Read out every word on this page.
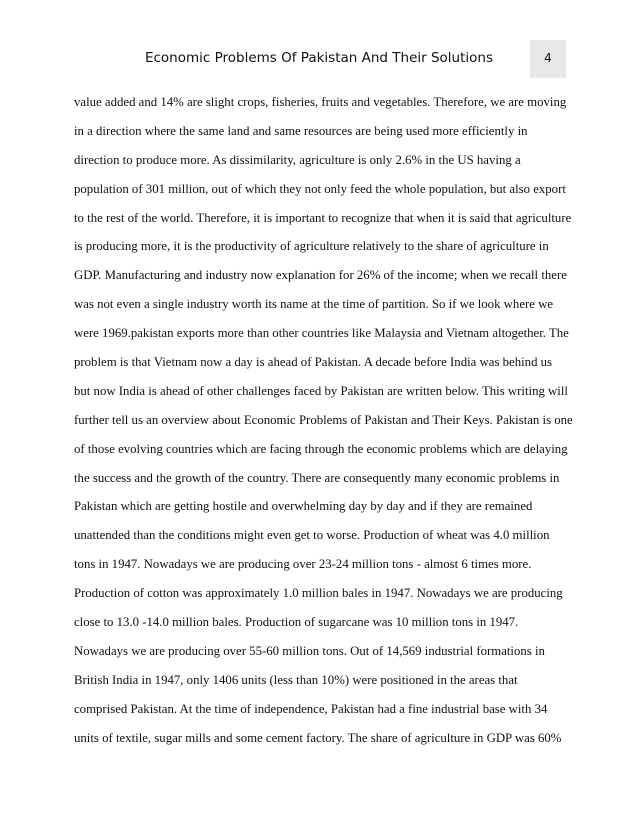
Economic Problems Of Pakistan And Their Solutions	4
value added and 14% are slight crops, fisheries, fruits and vegetables. Therefore, we are moving
in a direction where the same land and same resources are being used more efficiently in
direction to produce more. As dissimilarity, agriculture is only 2.6% in the US having a
population of 301 million, out of which they not only feed the whole population, but also export
to the rest of the world. Therefore, it is important to recognize that when it is said that agriculture
is producing more, it is the productivity of agriculture relatively to the share of agriculture in
GDP. Manufacturing and industry now explanation for 26% of the income; when we recall there
was not even a single industry worth its name at the time of partition. So if we look where we
were 1969.pakistan exports more than other countries like Malaysia and Vietnam altogether. The
problem is that Vietnam now a day is ahead of Pakistan. A decade before India was behind us
but now India is ahead of other challenges faced by Pakistan are written below. This writing will
further tell us an overview about Economic Problems of Pakistan and Their Keys. Pakistan is one
of those evolving countries which are facing through the economic problems which are delaying
the success and the growth of the country. There are consequently many economic problems in
Pakistan which are getting hostile and overwhelming day by day and if they are remained
unattended than the conditions might even get to worse. Production of wheat was 4.0 million
tons in 1947. Nowadays we are producing over 23-24 million tons - almost 6 times more.
Production of cotton was approximately 1.0 million bales in 1947. Nowadays we are producing
close to 13.0 -14.0 million bales. Production of sugarcane was 10 million tons in 1947.
Nowadays we are producing over 55-60 million tons. Out of 14,569 industrial formations in
British India in 1947, only 1406 units (less than 10%) were positioned in the areas that
comprised Pakistan. At the time of independence, Pakistan had a fine industrial base with 34
units of textile, sugar mills and some cement factory. The share of agriculture in GDP was 60%
